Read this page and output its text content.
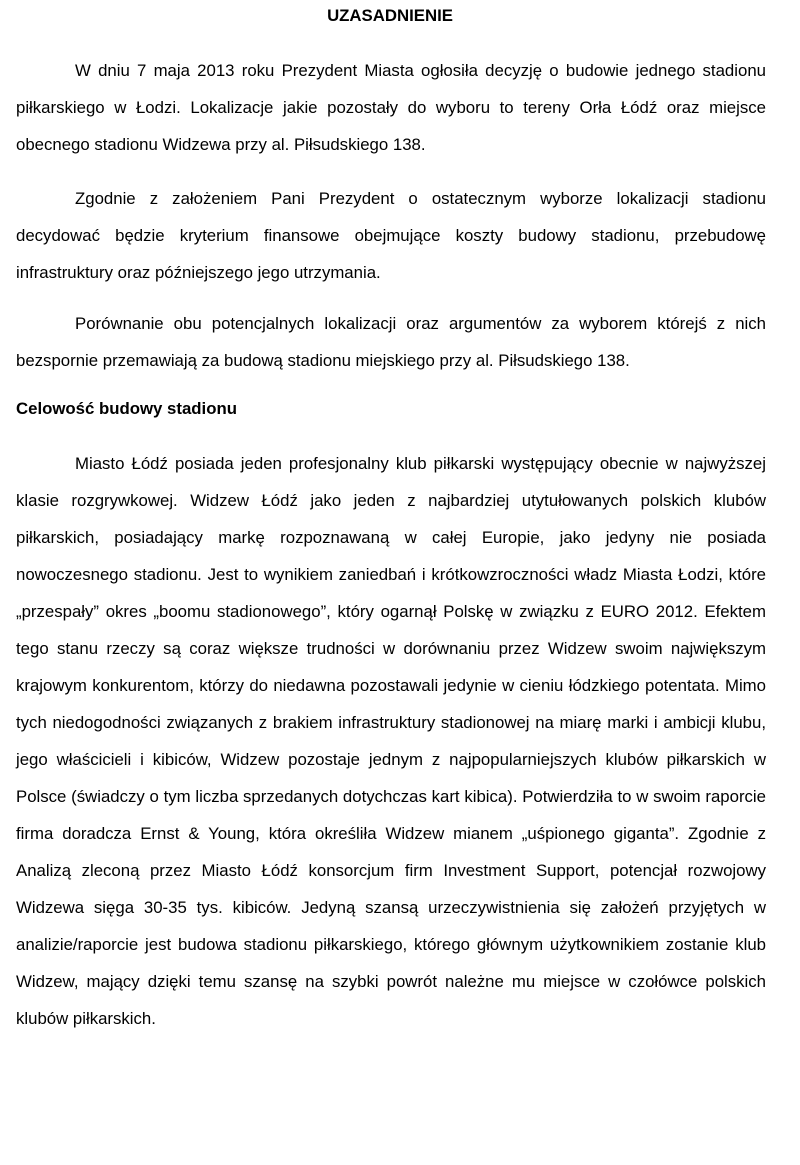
UZASADNIENIE

W dniu 7 maja 2013 roku Prezydent Miasta ogłosiła decyzję o budowie jednego stadionu piłkarskiego w Łodzi. Lokalizacje jakie pozostały do wyboru to tereny Orła Łódź oraz miejsce obecnego stadionu Widzewa przy al. Piłsudskiego 138.

Zgodnie z założeniem Pani Prezydent o ostatecznym wyborze lokalizacji stadionu decydować będzie kryterium finansowe obejmujące koszty budowy stadionu, przebudowę infrastruktury oraz późniejszego jego utrzymania.

Porównanie obu potencjalnych lokalizacji oraz argumentów za wyborem którejś z nich bezspornie przemawiają za budową stadionu miejskiego przy al. Piłsudskiego 138.

Celowość budowy stadionu

Miasto Łódź posiada jeden profesjonalny klub piłkarski występujący obecnie w najwyższej klasie rozgrywkowej. Widzew Łódź jako jeden z najbardziej utytułowanych polskich klubów piłkarskich, posiadający markę rozpoznawaną w całej Europie, jako jedyny nie posiada nowoczesnego stadionu. Jest to wynikiem zaniedbań i krótkowzroczności władz Miasta Łodzi, które „przespały” okres „boomu stadionowego”, który ogarnął Polskę w związku z EURO 2012. Efektem tego stanu rzeczy są coraz większe trudności w dorównaniu przez Widzew swoim największym krajowym konkurentom, którzy do niedawna pozostawali jedynie w cieniu łódzkiego potentata. Mimo tych niedogodności związanych z brakiem infrastruktury stadionowej na miarę marki i ambicji klubu, jego właścicieli i kibiców, Widzew pozostaje jednym z najpopularniejszych klubów piłkarskich w Polsce (świadczy o tym liczba sprzedanych dotychczas kart kibica). Potwierdziła to w swoim raporcie firma doradcza Ernst & Young, która określiła Widzew mianem „uśpionego giganta”. Zgodnie z Analizą zleconą przez Miasto Łódź konsorcjum firm Investment Support, potencjał rozwojowy Widzewa sięga 30-35 tys. kibiców. Jedyną szansą urzeczywistnienia się założeń przyjętych w analizie/raporcie jest budowa stadionu piłkarskiego, którego głównym użytkownikiem zostanie klub Widzew, mający dzięki temu szansę na szybki powrót należne mu miejsce w czołówce polskich klubów piłkarskich.
